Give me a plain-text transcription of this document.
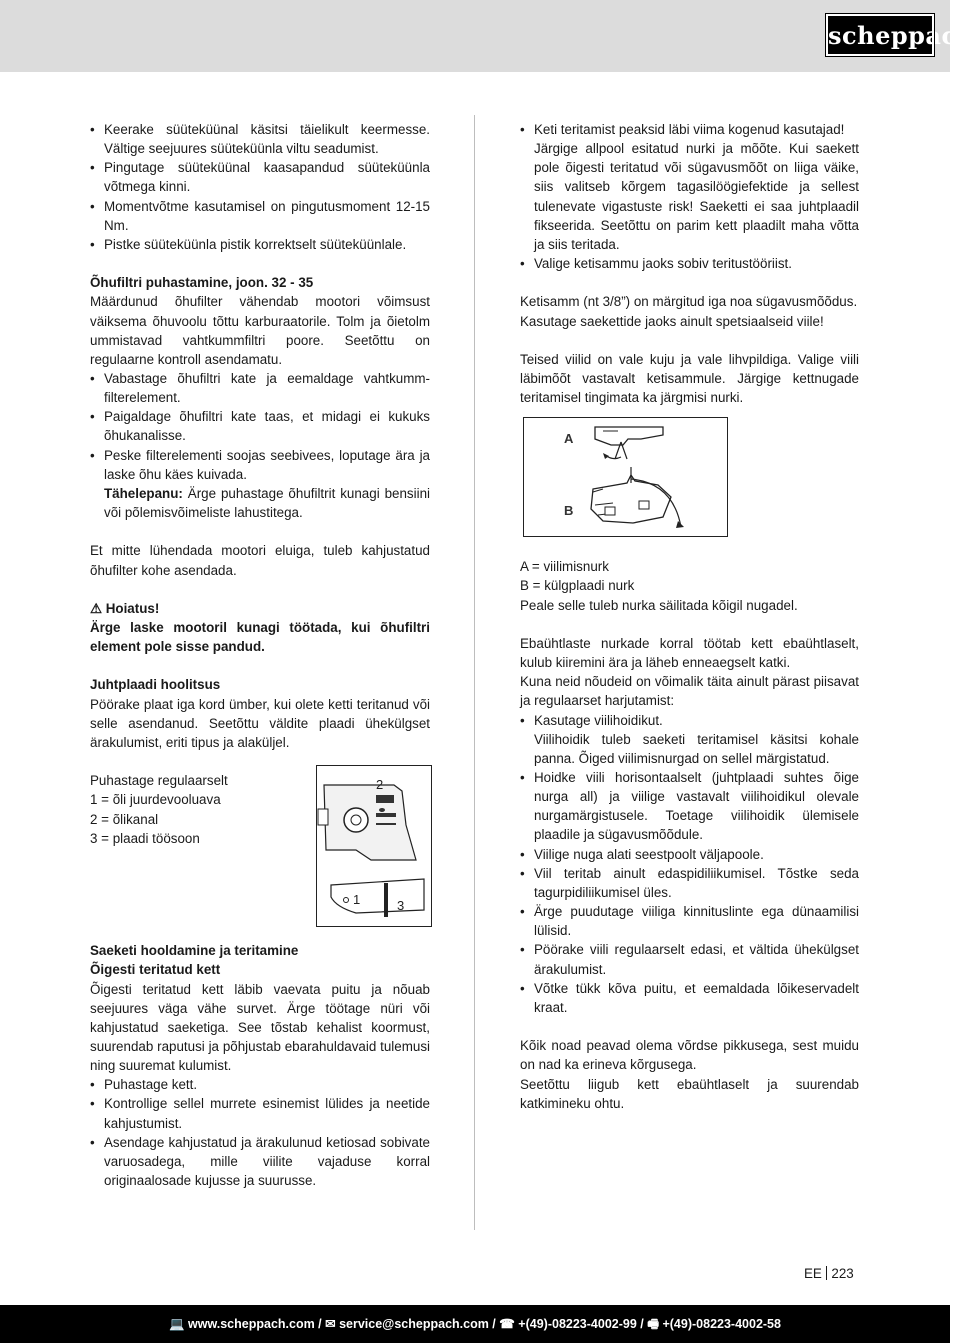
scheppach
• Keerake süüteküünal käsitsi täielikult keermesse. Vältige seejuures süüteküünla viltu seadumist.
• Pingutage süüteküünal kaasapandud süüteküünla võtmega kinni.
• Momentvõtme kasutamisel on pingutusmoment 12-15 Nm.
• Pistke süüteküünla pistik korrektselt süüteküünlale.

Õhufiltri puhastamine, joon. 32 - 35

Määrdunud õhufilter vähendab mootori võimsust väiksema õhuvoolu tõttu karburaatorile. Tolm ja õietolm ummistavad vahtkummfiltri poore. Seetõttu on regulaarne kontroll asendamatu.

• Vabastage õhufiltri kate ja eemaldage vahtkumm-filterelement.
• Paigaldage õhufiltri kate taas, et midagi ei kukuks õhukanalisse.
• Peske filterelementi soojas seebivees, loputage ära ja laske õhu käes kuivada.
Tähelepanu: Ärge puhastage õhufiltrit kunagi bensiini või põlemisvõimeliste lahustitega.

Et mitte lühendada mootori eluiga, tuleb kahjustatud õhufilter kohe asendada.

⚠ Hoiatus!

Ärge laske mootoril kunagi töötada, kui õhufiltri element pole sisse pandud.

Juhtplaadi hoolitsus

Pöörake plaat iga kord ümber, kui olete ketti teritanud või selle asendanud. Seetõttu väldite plaadi ühekülgset ärakulumist, eriti tipus ja alaküljel.

Puhastage regulaarselt
1 = õli juurdevooluava
2 = õlikanal
3 = plaadi töösoon
2
1	3

Saeketi hooldamine ja teritamine

Õigesti teritatud kett

Õigesti teritatud kett läbib vaevata puitu ja nõuab seejuures väga vähe survet. Ärge töötage nüri või kahjustatud saeketiga. See tõstab kehalist koormust, suurendab raputusi ja põhjustab ebarahuldavaid tulemusi ning suuremat kulumist.

• Puhastage kett.
• Kontrollige sellel murrete esinemist lülides ja neetide kahjustumist.
• Asendage kahjustatud ja ärakulunud ketiosad sobivate varuosadega, mille viilite vajaduse korral originaalosade kujusse ja suurusse.
• Keti teritamist peaksid läbi viima kogenud kasutajad!
Järgige allpool esitatud nurki ja mõõte. Kui saekett pole õigesti teritatud või sügavusmõõt on liiga väike, siis valitseb kõrgem tagasilöögiefektide ja sellest tulenevate vigastuste risk! Saeketti ei saa juhtplaadil fikseerida. Seetõttu on parim kett plaadilt maha võtta ja siis teritada.
• Valige ketisammu jaoks sobiv teritustööriist.

Ketisamm (nt 3/8”) on märgitud iga noa sügavusmõõdus.

Kasutage saekettide jaoks ainult spetsiaalseid viile!

Teised viilid on vale kuju ja vale lihvpildiga. Valige viili läbimõõt vastavalt ketisammule. Järgige kettnugade teritamisel tingimata ka järgmisi nurki.

A
B

A = viilimisnurk

B = külgplaadi nurk

Peale selle tuleb nurka säilitada kõigil nugadel.

Ebaühtlaste nurkade korral töötab kett ebaühtlaselt, kulub kiiremini ära ja läheb enneaegselt katki.

Kuna neid nõudeid on võimalik täita ainult pärast piisavat ja regulaarset harjutamist:

• Kasutage viilihoidikut.
Viilihoidik tuleb saeketi teritamisel käsitsi kohale panna. Õiged viilimisnurgad on sellel märgistatud.
• Hoidke viili horisontaalselt (juhtplaadi suhtes õige nurga all) ja viilige vastavalt viilihoidikul olevale nurgamärgistusele. Toetage viilihoidik ülemisele plaadile ja sügavusmõõdule.
• Viilige nuga alati seestpoolt väljapoole.
• Viil teritab ainult edaspidiliikumisel. Tõstke seda tagurpidiliikumisel üles.
• Ärge puudutage viiliga kinnituslinte ega dünaamilisi lülisid.
• Pöörake viili regulaarselt edasi, et vältida ühekülgset ärakulumist.
• Võtke tükk kõva puitu, et eemaldada lõikeservadelt kraat.

Kõik noad peavad olema võrdse pikkusega, sest muidu on nad ka erineva kõrgusega.

Seetõttu liigub kett ebaühtlaselt ja suurendab katkimineku ohtu.

EE 223
💻 www.scheppach.com / ✉ service@scheppach.com / ☎ +(49)-08223-4002-99 / 🖷 +(49)-08223-4002-58
